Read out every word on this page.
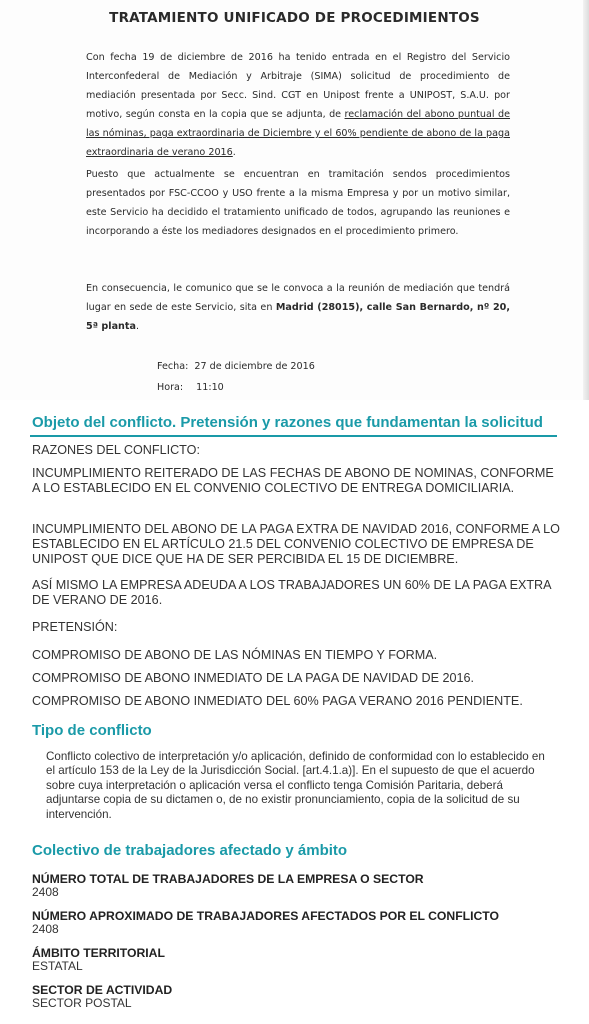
TRATAMIENTO UNIFICADO DE PROCEDIMIENTOS

Con fecha 19 de diciembre de 2016 ha tenido entrada en el Registro del Servicio Interconfederal de Mediación y Arbitraje (SIMA) solicitud de procedimiento de mediación presentada por Secc. Sind. CGT en Unipost frente a UNIPOST, S.A.U. por motivo, según consta en la copia que se adjunta, de reclamación del abono puntual de las nóminas, paga extraordinaria de Diciembre y el 60% pendiente de abono de la paga extraordinaria de verano 2016.

Puesto que actualmente se encuentran en tramitación sendos procedimientos presentados por FSC-CCOO y USO frente a la misma Empresa y por un motivo similar, este Servicio ha decidido el tratamiento unificado de todos, agrupando las reuniones e incorporando a éste los mediadores designados en el procedimiento primero.

En consecuencia, le comunico que se le convoca a la reunión de mediación que tendrá lugar en sede de este Servicio, sita en Madrid (28015), calle San Bernardo, nº 20, 5ª planta.

Fecha: 27 de diciembre de 2016
Hora: 11:10
Objeto del conflicto. Pretensión y razones que fundamentan la solicitud

RAZONES DEL CONFLICTO:

INCUMPLIMIENTO REITERADO DE LAS FECHAS DE ABONO DE NOMINAS, CONFORME A LO ESTABLECIDO EN EL CONVENIO COLECTIVO DE ENTREGA DOMICILIARIA.

INCUMPLIMIENTO DEL ABONO DE LA PAGA EXTRA DE NAVIDAD 2016, CONFORME A LO ESTABLECIDO EN EL ARTÍCULO 21.5 DEL CONVENIO COLECTIVO DE EMPRESA DE UNIPOST QUE DICE QUE HA DE SER PERCIBIDA EL 15 DE DICIEMBRE.

ASÍ MISMO LA EMPRESA ADEUDA A LOS TRABAJADORES UN 60% DE LA PAGA EXTRA DE VERANO DE 2016.

PRETENSIÓN:

COMPROMISO DE ABONO DE LAS NÓMINAS EN TIEMPO Y FORMA.

COMPROMISO DE ABONO INMEDIATO DE LA PAGA DE NAVIDAD DE 2016.

COMPROMISO DE ABONO INMEDIATO DEL 60% PAGA VERANO 2016 PENDIENTE.

Tipo de conflicto

Conflicto colectivo de interpretación y/o aplicación, definido de conformidad con lo establecido en el artículo 153 de la Ley de la Jurisdicción Social. [art.4.1.a)]. En el supuesto de que el acuerdo sobre cuya interpretación o aplicación versa el conflicto tenga Comisión Paritaria, deberá adjuntarse copia de su dictamen o, de no existir pronunciamiento, copia de la solicitud de su intervención.

Colectivo de trabajadores afectado y ámbito

NÚMERO TOTAL DE TRABAJADORES DE LA EMPRESA O SECTOR

2408

NÚMERO APROXIMADO DE TRABAJADORES AFECTADOS POR EL CONFLICTO

2408

ÁMBITO TERRITORIAL

ESTATAL

SECTOR DE ACTIVIDAD

SECTOR POSTAL
